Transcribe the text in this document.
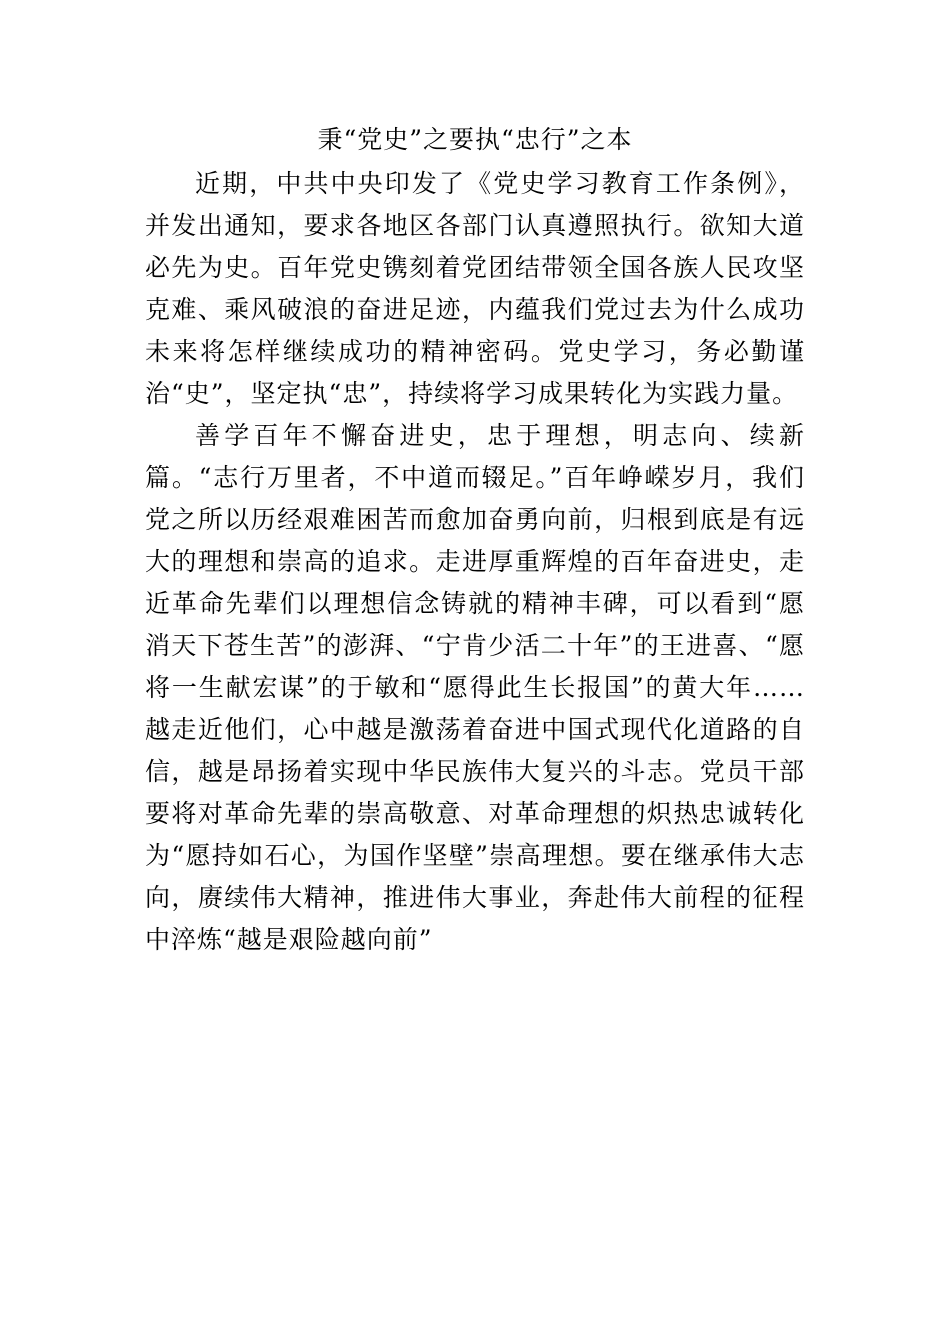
秉“党史”之要执“忠行”之本

近期，中共中央印发了《党史学习教育工作条例》，并发出通知，要求各地区各部门认真遵照执行。欲知大道必先为史。百年党史镌刻着党团结带领全国各族人民攻坚克难、乘风破浪的奋进足迹，内蕴我们党过去为什么成功未来将怎样继续成功的精神密码。党史学习，务必勤谨治“史”，坚定执“忠”，持续将学习成果转化为实践力量。

善学百年不懈奋进史，忠于理想，明志向、续新篇。“志行万里者，不中道而辍足。”百年峥嵘岁月，我们党之所以历经艰难困苦而愈加奋勇向前，归根到底是有远大的理想和崇高的追求。走进厚重辉煌的百年奋进史，走近革命先辈们以理想信念铸就的精神丰碑，可以看到“愿消天下苍生苦”的澎湃、“宁肯少活二十年”的王进喜、“愿将一生献宏谋”的于敏和“愿得此生长报国”的黄大年……越走近他们，心中越是激荡着奋进中国式现代化道路的自信，越是昂扬着实现中华民族伟大复兴的斗志。党员干部要将对革命先辈的崇高敬意、对革命理想的炽热忠诚转化为“愿持如石心，为国作坚壁”崇高理想。要在继承伟大志向，赓续伟大精神，推进伟大事业，奔赴伟大前程的征程中淬炼“越是艰险越向前”
